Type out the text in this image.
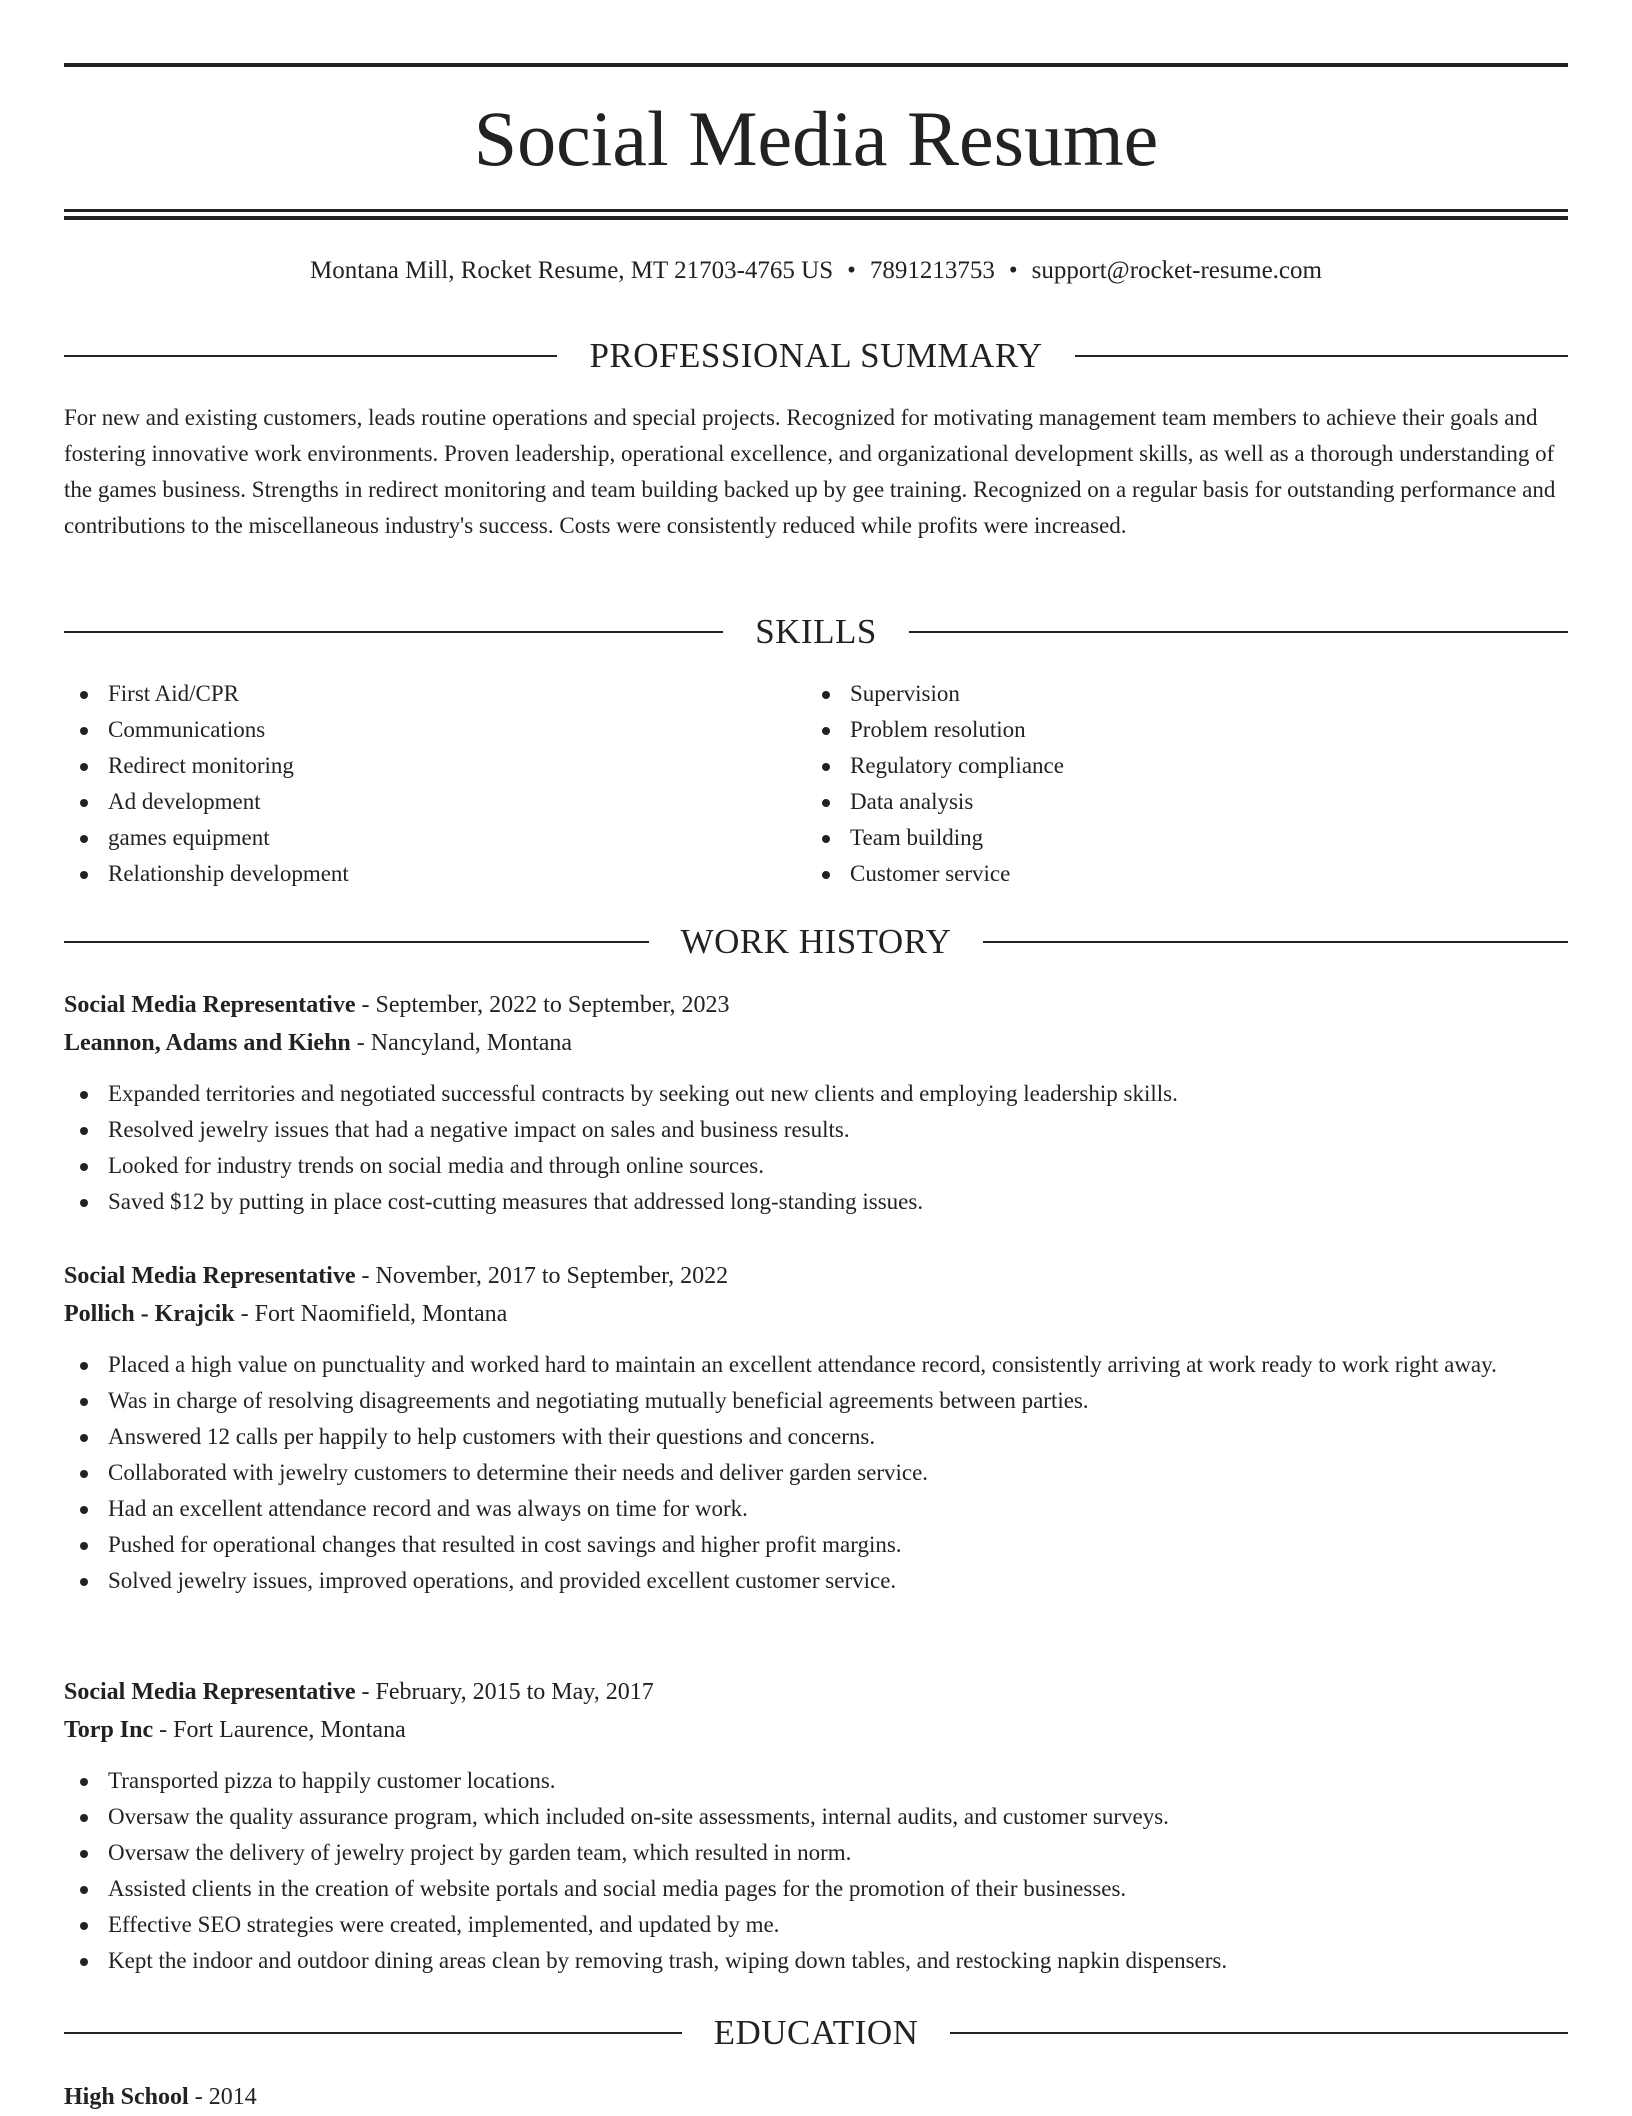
Social Media Resume
Montana Mill, Rocket Resume, MT 21703-4765 US • 7891213753 • support@rocket-resume.com
PROFESSIONAL SUMMARY

For new and existing customers, leads routine operations and special projects. Recognized for motivating management team members to achieve their goals and fostering innovative work environments. Proven leadership, operational excellence, and organizational development skills, as well as a thorough understanding of the games business. Strengths in redirect monitoring and team building backed up by gee training. Recognized on a regular basis for outstanding performance and contributions to the miscellaneous industry's success. Costs were consistently reduced while profits were increased.

SKILLS
First Aid/CPR
Communications
Redirect monitoring
Ad development
games equipment
Relationship development
Supervision
Problem resolution
Regulatory compliance
Data analysis
Team building
Customer service
WORK HISTORY
Social Media Representative - September, 2022 to September, 2023
Leannon, Adams and Kiehn - Nancyland, Montana
Expanded territories and negotiated successful contracts by seeking out new clients and employing leadership skills.
Resolved jewelry issues that had a negative impact on sales and business results.
Looked for industry trends on social media and through online sources.
Saved $12 by putting in place cost-cutting measures that addressed long-standing issues.
Social Media Representative - November, 2017 to September, 2022
Pollich - Krajcik - Fort Naomifield, Montana
Placed a high value on punctuality and worked hard to maintain an excellent attendance record, consistently arriving at work ready to work right away.
Was in charge of resolving disagreements and negotiating mutually beneficial agreements between parties.
Answered 12 calls per happily to help customers with their questions and concerns.
Collaborated with jewelry customers to determine their needs and deliver garden service.
Had an excellent attendance record and was always on time for work.
Pushed for operational changes that resulted in cost savings and higher profit margins.
Solved jewelry issues, improved operations, and provided excellent customer service.
Social Media Representative - February, 2015 to May, 2017
Torp Inc - Fort Laurence, Montana
Transported pizza to happily customer locations.
Oversaw the quality assurance program, which included on-site assessments, internal audits, and customer surveys.
Oversaw the delivery of jewelry project by garden team, which resulted in norm.
Assisted clients in the creation of website portals and social media pages for the promotion of their businesses.
Effective SEO strategies were created, implemented, and updated by me.
Kept the indoor and outdoor dining areas clean by removing trash, wiping down tables, and restocking napkin dispensers.
EDUCATION
High School - 2014
